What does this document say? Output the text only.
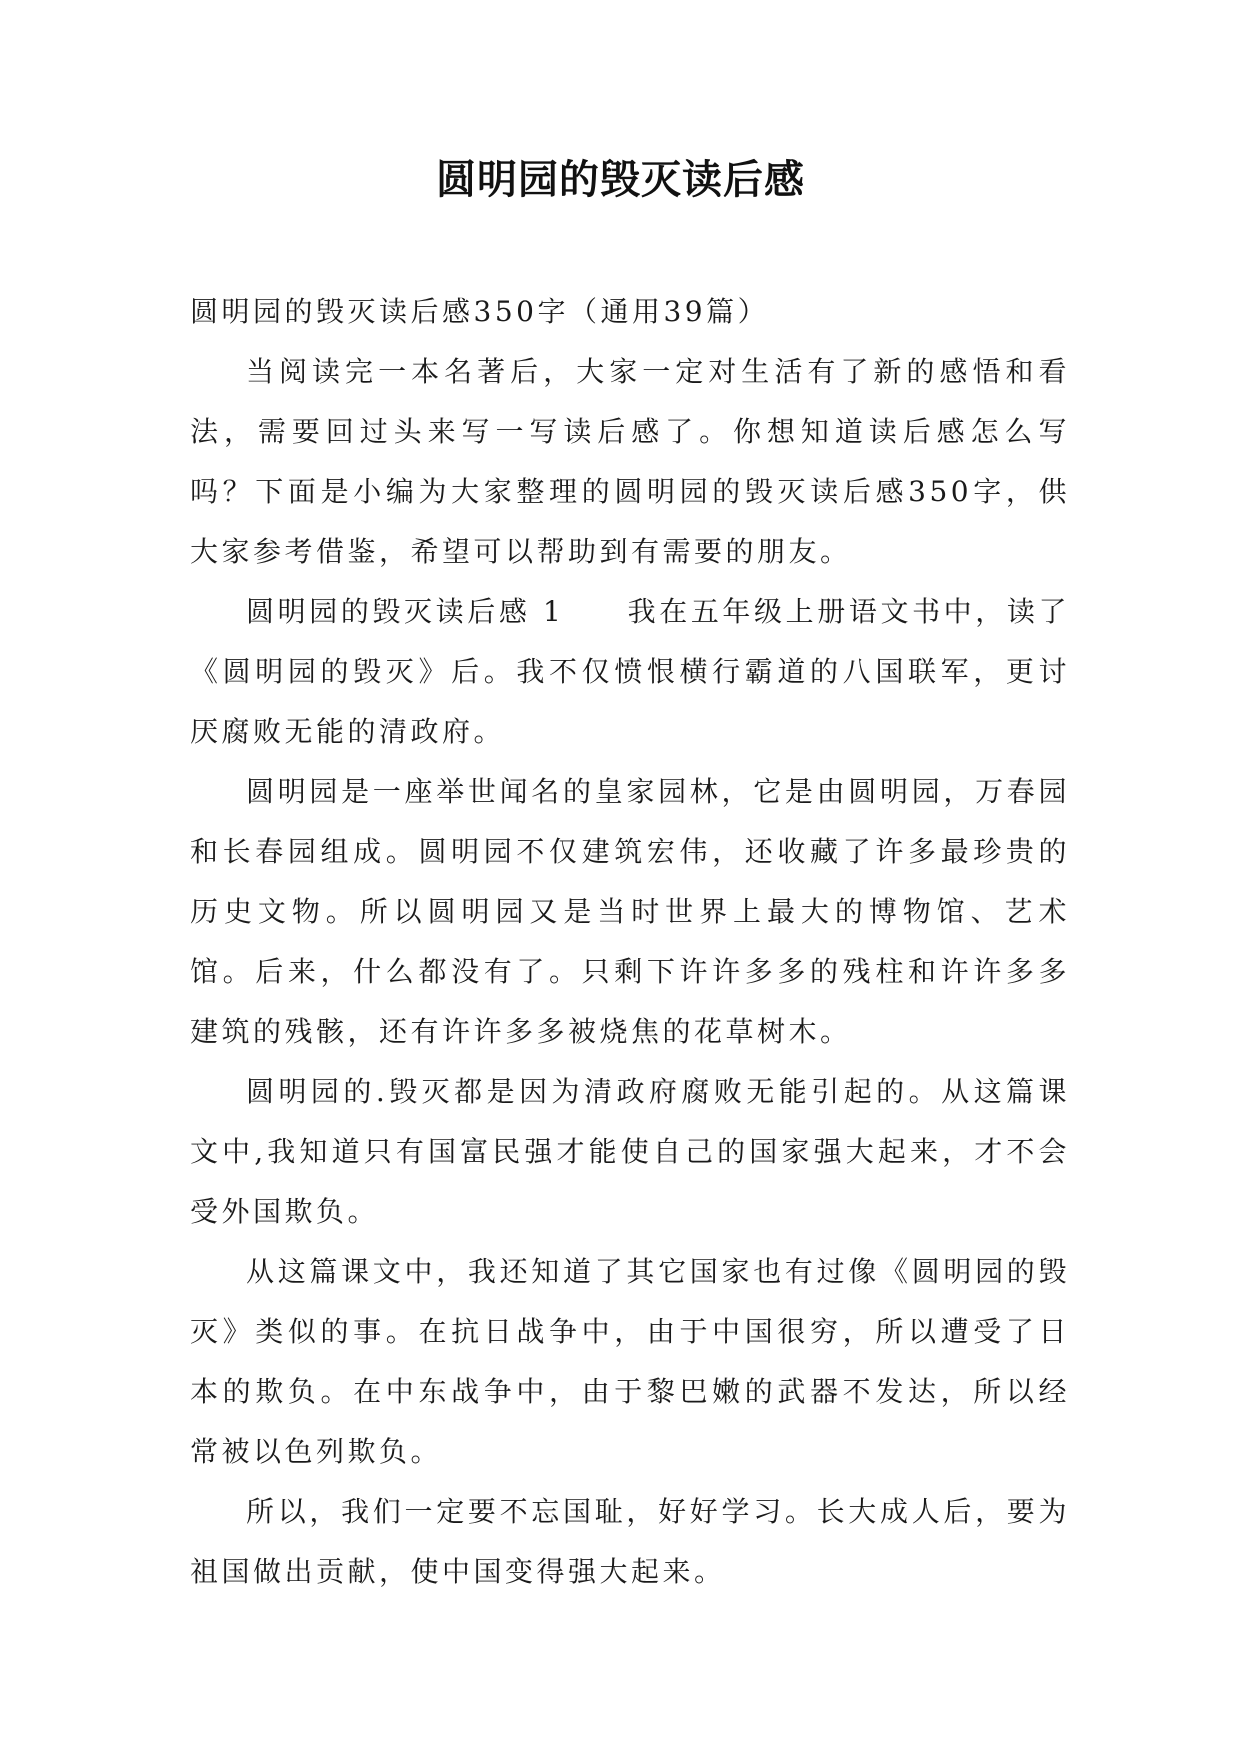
圆明园的毁灭读后感

圆明园的毁灭读后感350字（通用39篇）

当阅读完一本名著后，大家一定对生活有了新的感悟和看法，需要回过头来写一写读后感了。你想知道读后感怎么写吗？下面是小编为大家整理的圆明园的毁灭读后感350字，供大家参考借鉴，希望可以帮助到有需要的朋友。

圆明园的毁灭读后感 1　　我在五年级上册语文书中，读了《圆明园的毁灭》后。我不仅愤恨横行霸道的八国联军，更讨厌腐败无能的清政府。

圆明园是一座举世闻名的皇家园林，它是由圆明园，万春园和长春园组成。圆明园不仅建筑宏伟，还收藏了许多最珍贵的历史文物。所以圆明园又是当时世界上最大的博物馆、艺术馆。后来，什么都没有了。只剩下许许多多的残柱和许许多多建筑的残骸，还有许许多多被烧焦的花草树木。

圆明园的.毁灭都是因为清政府腐败无能引起的。从这篇课文中,我知道只有国富民强才能使自己的国家强大起来，才不会受外国欺负。

从这篇课文中，我还知道了其它国家也有过像《圆明园的毁灭》类似的事。在抗日战争中，由于中国很穷，所以遭受了日本的欺负。在中东战争中，由于黎巴嫩的武器不发达，所以经常被以色列欺负。

所以，我们一定要不忘国耻，好好学习。长大成人后，要为祖国做出贡献，使中国变得强大起来。
